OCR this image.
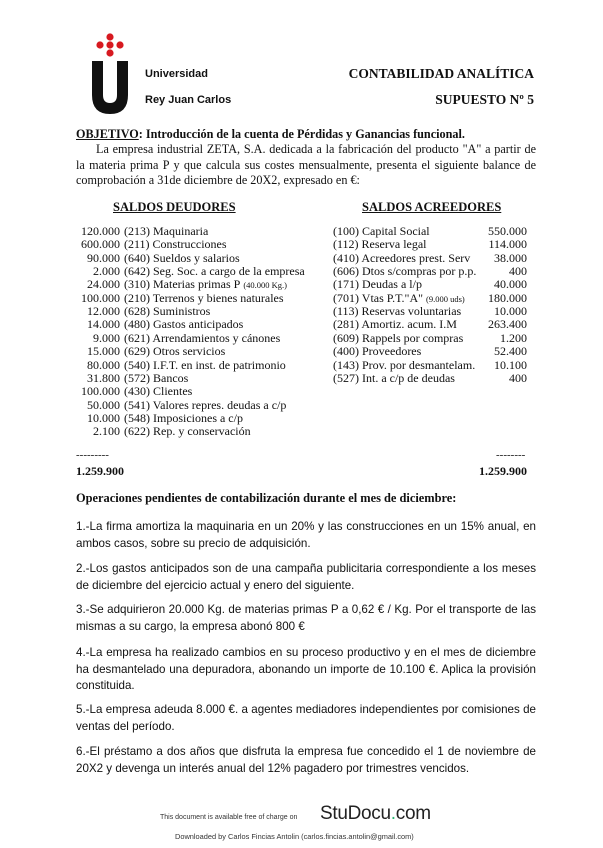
Universidad
Rey Juan Carlos
CONTABILIDAD ANALÍTICA
SUPUESTO Nº 5
OBJETIVO: Introducción de la cuenta de Pérdidas y Ganancias funcional.
La empresa industrial ZETA, S.A. dedicada a la fabricación del producto "A" a partir de la materia prima P y que calcula sus costes mensualmente, presenta el siguiente balance de comprobación a 31de diciembre de 20X2, expresado en €:
SALDOS DEUDORES	SALDOS ACREEDORES
120.000 (213) Maquinaria
600.000 (211) Construcciones
90.000 (640) Sueldos y salarios
2.000 (642) Seg. Soc. a cargo de la empresa
24.000 (310) Materias primas P (40.000 Kg.)
100.000 (210) Terrenos y bienes naturales
12.000 (628) Suministros
14.000 (480) Gastos anticipados
9.000 (621) Arrendamientos y cánones
15.000 (629) Otros servicios
80.000 (540) I.F.T. en inst. de patrimonio
31.800 (572) Bancos
100.000 (430) Clientes
50.000 (541) Valores repres. deudas a c/p
10.000 (548) Imposiciones a c/p
2.100 (622) Rep. y conservación
(100) Capital Social	550.000
(112) Reserva legal	114.000
(410) Acreedores prest. Serv 38.000
(606) Dtos s/compras por p.p.	400
(171) Deudas a l/p	40.000
(701) Vtas P.T."A" (9.000 uds) 180.000
(113) Reservas voluntarias	10.000
(281) Amortiz. acum. I.M	263.400
(609) Rappels por compras	1.200
(400) Proveedores	52.400
(143) Prov. por desmantelam. 10.100
(527) Int. a c/p de deudas	400
---------	--------
1.259.900	1.259.900
Operaciones pendientes de contabilización durante el mes de diciembre:
1.-La firma amortiza la maquinaria en un 20% y las construcciones en un 15% anual, en ambos casos, sobre su precio de adquisición.
2.-Los gastos anticipados son de una campaña publicitaria correspondiente a los meses de diciembre del ejercicio actual y enero del siguiente.
3.-Se adquirieron 20.000 Kg. de materias primas P a 0,62 € / Kg. Por el transporte de las mismas a su cargo, la empresa abonó 800 €
4.-La empresa ha realizado cambios en su proceso productivo y en el mes de diciembre ha desmantelado una depuradora, abonando un importe de 10.100 €. Aplica la provisión constituida.
5.-La empresa adeuda 8.000 €. a agentes mediadores independientes por comisiones de ventas del período.
6.-El préstamo a dos años que disfruta la empresa fue concedido el 1 de noviembre de 20X2 y devenga un interés anual del 12% pagadero por trimestres vencidos.
This document is available free of charge on StuDocu.com
Downloaded by Carlos Fincias Antolin (carlos.fincias.antolin@gmail.com)
